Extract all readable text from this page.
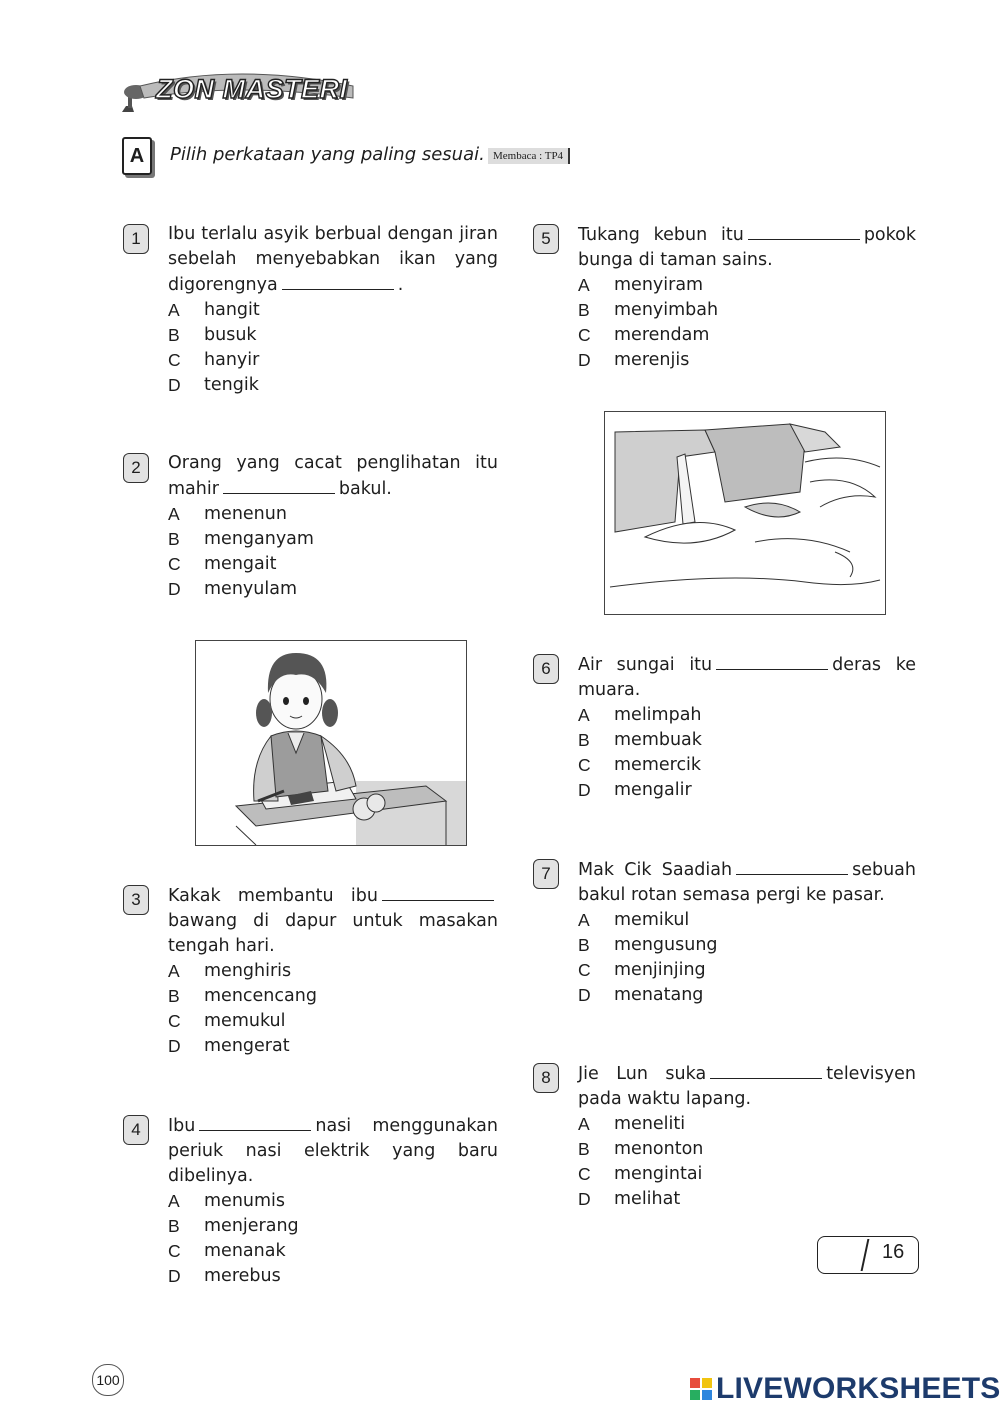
ZON MASTERI
A	Pilih perkataan yang paling sesuai. Membaca : TP4
1	Ibu terlalu asyik berbual dengan jiran sebelah menyebabkan ikan yang digorengnya	.
A	hangit
B	busuk
C	hanyir
D	tengik
2	Orang yang cacat penglihatan itu mahir	bakul.
A	menenun
B	menganyam
C	mengait
D	menyulam
3	Kakak membantu ibubawang di dapur untuk masakan tengah hari.
A	menghiris
B	mencencang
C	memukul
D	mengerat
4	Ibu	nasi menggunakan periuk nasi elektrik yang baru dibelinya.
A	menumis
B	menjerang
C	menanak
D	merebus
5	Tukang kebun itu	pokok bunga di taman sains.
A	menyiram
B	menyimbah
C	merendam
D	merenjis
6	Air sungai itu	deras ke muara.
A	melimpah
B	membuak
C	memercik
D	mengalir
7	Mak Cik Saadiah	sebuah bakul rotan semasa pergi ke pasar.
A	memikul
B	mengusung
C	menjinjing
D	menatang
8	Jie Lun suka	televisyen pada waktu lapang.
A	meneliti
B	menonton
C	mengintai
D	melihat
16
100	LIVEWORKSHEETS
